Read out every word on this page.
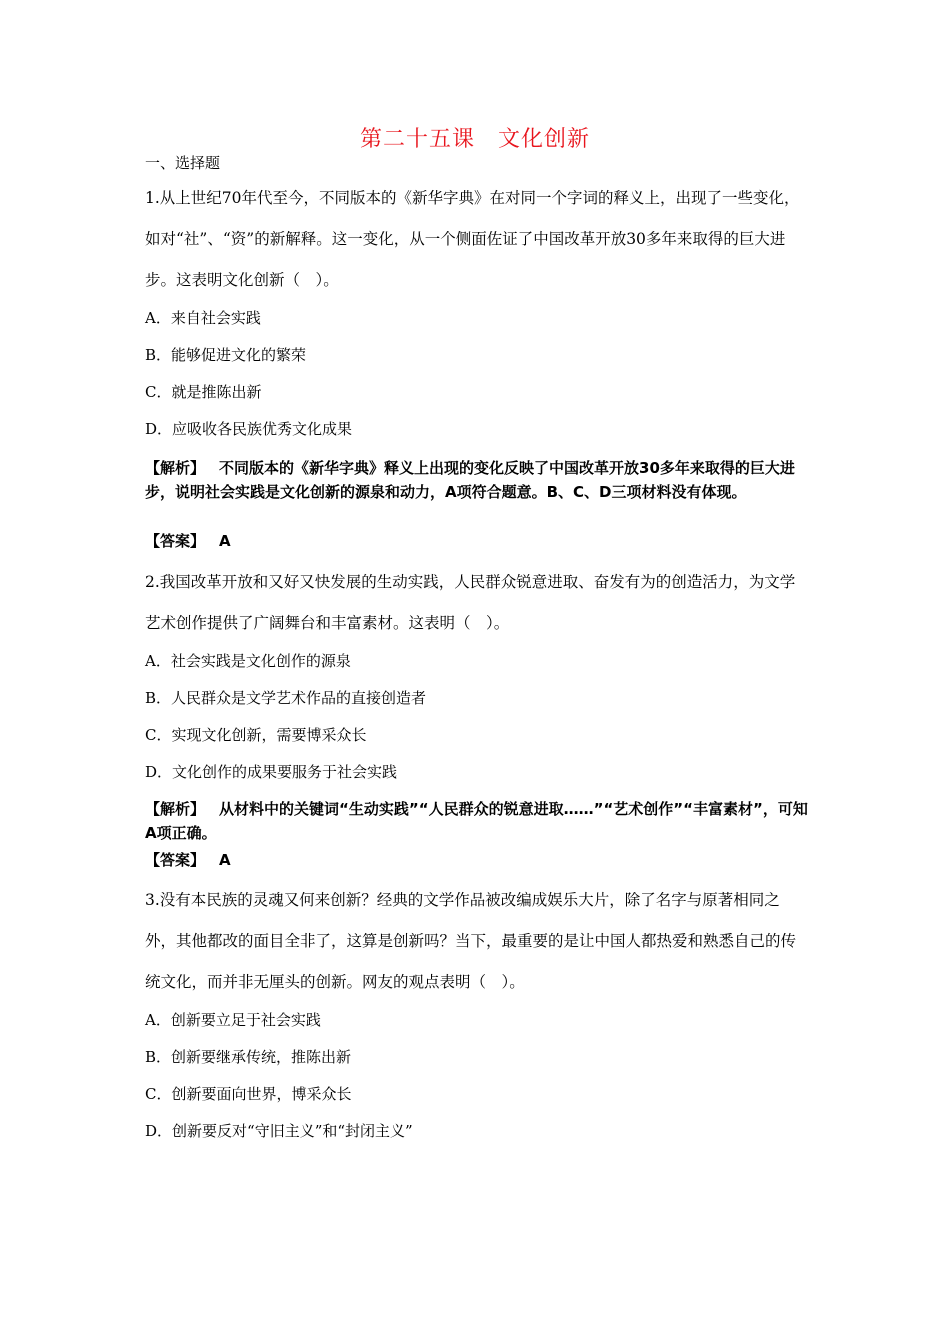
第二十五课　文化创新
一、选择题
1.从上世纪70年代至今，不同版本的《新华字典》在对同一个字词的释义上，出现了一些变化，如对“社”、“资”的新解释。这一变化，从一个侧面佐证了中国改革开放30多年来取得的巨大进步。这表明文化创新（　）。
A．来自社会实践
B．能够促进文化的繁荣
C．就是推陈出新
D．应吸收各民族优秀文化成果
【解析】 不同版本的《新华字典》释义上出现的变化反映了中国改革开放30多年来取得的巨大进步，说明社会实践是文化创新的源泉和动力，A项符合题意。B、C、D三项材料没有体现。
【答案】 A
2.我国改革开放和又好又快发展的生动实践，人民群众锐意进取、奋发有为的创造活力，为文学艺术创作提供了广阔舞台和丰富素材。这表明（　）。
A．社会实践是文化创作的源泉
B．人民群众是文学艺术作品的直接创造者
C．实现文化创新，需要博采众长
D．文化创作的成果要服务于社会实践
【解析】 从材料中的关键词“生动实践”“人民群众的锐意进取……”“艺术创作”“丰富素材”，可知A项正确。
【答案】 A
3.没有本民族的灵魂又何来创新？经典的文学作品被改编成娱乐大片，除了名字与原著相同之外，其他都改的面目全非了，这算是创新吗？当下，最重要的是让中国人都热爱和熟悉自己的传统文化，而并非无厘头的创新。网友的观点表明（　）。
A．创新要立足于社会实践
B．创新要继承传统，推陈出新
C．创新要面向世界，博采众长
D．创新要反对“守旧主义”和“封闭主义”
